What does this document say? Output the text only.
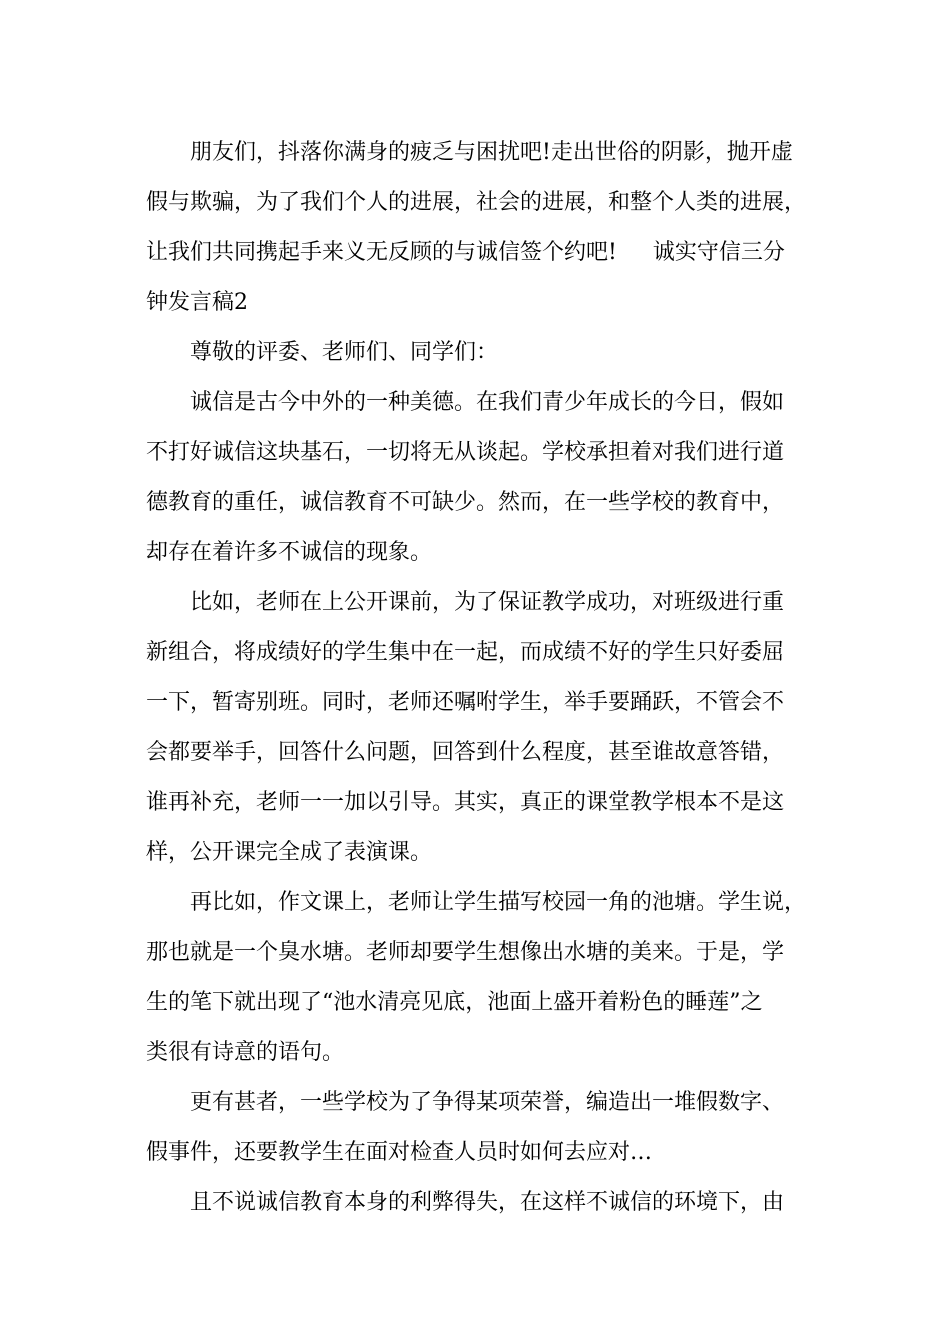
朋友们，抖落你满身的疲乏与困扰吧!走出世俗的阴影，抛开虚
假与欺骗，为了我们个人的进展，社会的进展，和整个人类的进展，
让我们共同携起手来义无反顾的与诚信签个约吧! 诚实守信三分
钟发言稿2
尊敬的评委、老师们、同学们：
诚信是古今中外的一种美德。在我们青少年成长的今日，假如
不打好诚信这块基石，一切将无从谈起。学校承担着对我们进行道
德教育的重任，诚信教育不可缺少。然而，在一些学校的教育中，
却存在着许多不诚信的现象。
比如，老师在上公开课前，为了保证教学成功，对班级进行重
新组合，将成绩好的学生集中在一起，而成绩不好的学生只好委屈
一下，暂寄别班。同时，老师还嘱咐学生，举手要踊跃，不管会不
会都要举手，回答什么问题，回答到什么程度，甚至谁故意答错，
谁再补充，老师一一加以引导。其实，真正的课堂教学根本不是这
样，公开课完全成了表演课。
再比如，作文课上，老师让学生描写校园一角的池塘。学生说，
那也就是一个臭水塘。老师却要学生想像出水塘的美来。于是，学
生的笔下就出现了“池水清亮见底，池面上盛开着粉色的睡莲”之
类很有诗意的语句。
更有甚者，一些学校为了争得某项荣誉，编造出一堆假数字、
假事件，还要教学生在面对检查人员时如何去应对…
且不说诚信教育本身的利弊得失，在这样不诚信的环境下，由
